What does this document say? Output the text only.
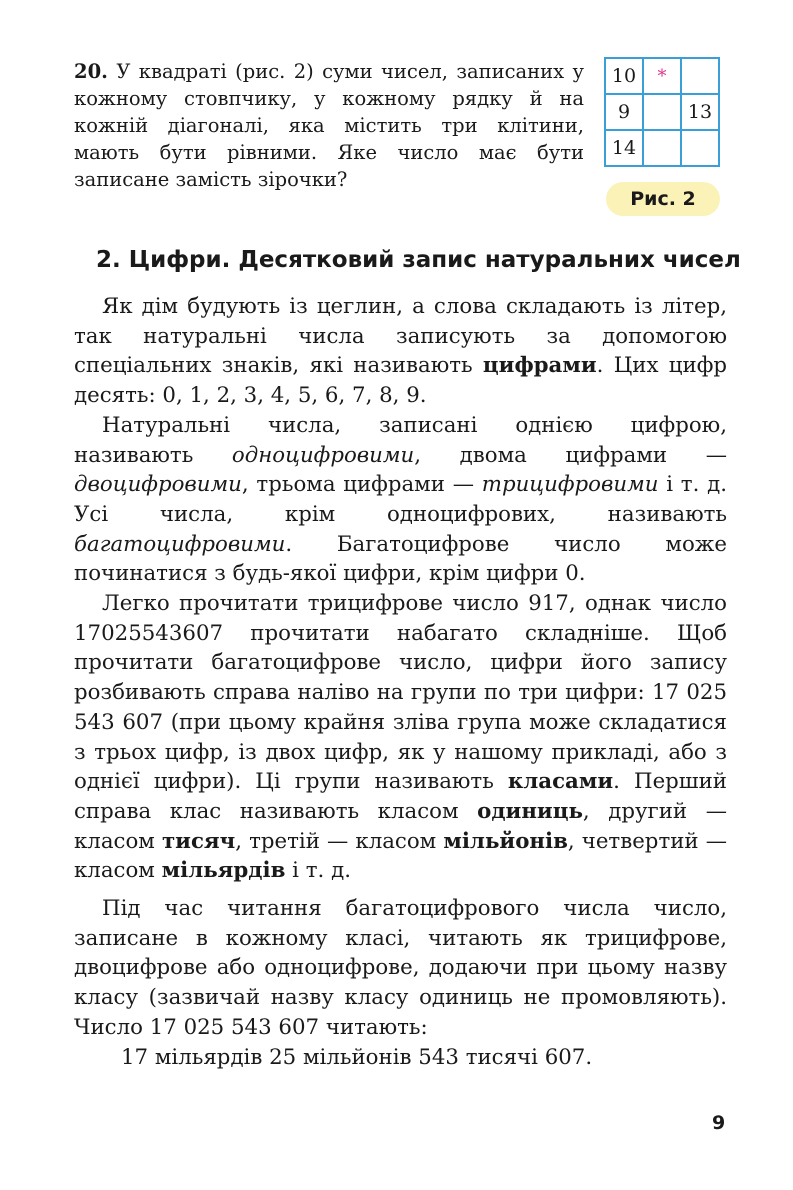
20. У квадраті (рис. 2) суми чисел, записаних у кожному стовпчику, у кожному рядку й на кожній діагоналі, яка містить три клітини, мають бути рівними. Яке число має бути записане замість зірочки?
10	*	
9		13
14		
Рис. 2
2. Цифри. Десятковий запис натуральних чисел

Як дім будують із цеглин, а слова складають із літер, так натуральні числа записують за допомогою спеціальних знаків, які називають цифрами. Цих цифр десять: 0, 1, 2, 3, 4, 5, 6, 7, 8, 9.

Натуральні числа, записані однією цифрою, називають одноцифровими, двома цифрами — двоцифровими, трьома цифрами — трицифровими і т. д. Усі числа, крім одноцифрових, називають багатоцифровими. Багатоцифрове число може починатися з будь-якої цифри, крім цифри 0.

Легко прочитати трицифрове число 917, однак число 17025543607 прочитати набагато складніше. Щоб прочитати багатоцифрове число, цифри його запису розбивають справа наліво на групи по три цифри: 17 025 543 607 (при цьому крайня зліва група може складатися з трьох цифр, із двох цифр, як у нашому прикладі, або з однієї цифри). Ці групи називають класами. Перший справа клас називають класом одиниць, другий — класом тисяч, третій — класом мільйонів, четвертий — класом мільярдів і т. д.

Під час читання багатоцифрового числа число, записане в кожному класі, читають як трицифрове, двоцифрове або одноцифрове, додаючи при цьому назву класу (зазвичай назву класу одиниць не промовляють). Число 17 025 543 607 читають:

17 мільярдів 25 мільйонів 543 тисячі 607.

9
